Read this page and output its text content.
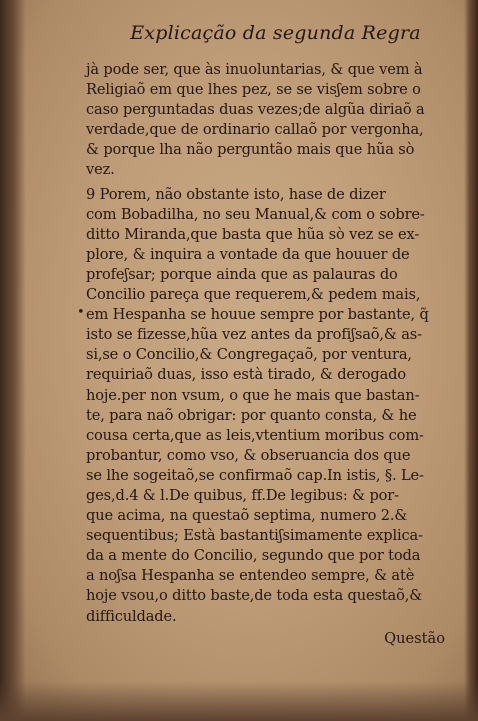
•
Explicação da segunda Regra
jà pode ser, que às inuoluntarias, & que vem à
Religiaõ em que lhes pez, se se visʃem sobre o
caso perguntadas duas vezes;de algũa diriaõ a
verdade,que de ordinario callaõ por vergonha,
& porque lha não perguntão mais que hũa sò
vez.
9 Porem, não obstante isto, hase de dizer
com Bobadilha, no seu Manual,& com o sobre-
ditto Miranda,que basta que hũa sò vez se ex-
plore, & inquira a vontade da que houuer de
profeʃsar; porque ainda que as palauras do
Concilio pareça que requerem,& pedem mais,
em Hespanha se houue sempre por bastante, q̃
isto se fizesse,hũa vez antes da profiʃsaõ,& as-
si,se o Concilio,& Congregaçaõ, por ventura,
requiriaõ duas, isso està tirado, & derogado
hoje.per non vsum, o que he mais que bastan-
te, para naõ obrigar: por quanto consta, & he
cousa certa,que as leis,vtentium moribus com-
probantur, como vso, & obseruancia dos que
se lhe sogeitaõ,se confirmaõ cap.In istis, §. Le-
ges,d.4 & l.De quibus, ff.De legibus: & por-
que acima, na questaõ septima, numero 2.&
sequentibus; Està bastantiʃsimamente explica-
da a mente do Concilio, segundo que por toda
a noʃsa Hespanha se entendeo sempre, & atè
hoje vsou,o ditto baste,de toda esta questaõ,&
difficuldade.
Questão
